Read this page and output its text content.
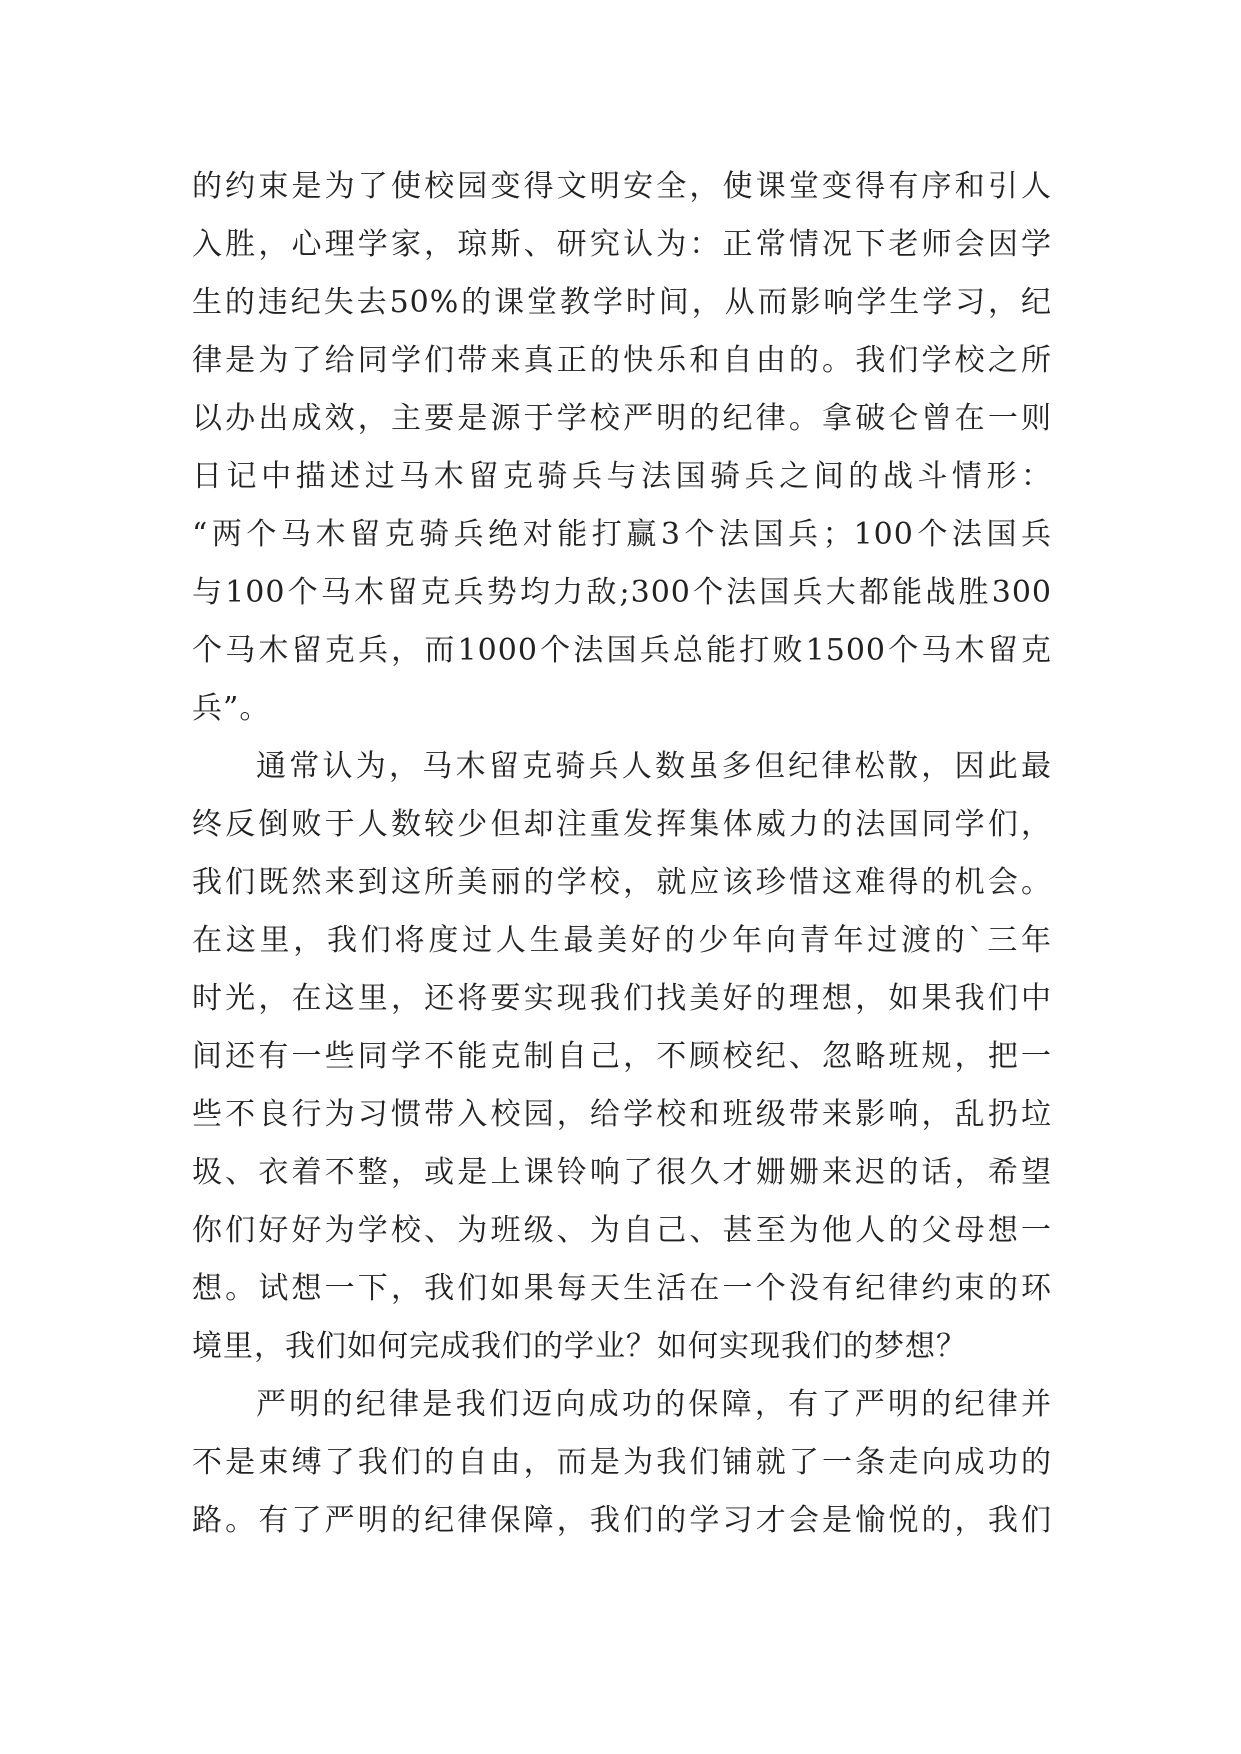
的约束是为了使校园变得文明安全，使课堂变得有序和引人
入胜，心理学家，琼斯、研究认为：正常情况下老师会因学
生的违纪失去50%的课堂教学时间，从而影响学生学习，纪
律是为了给同学们带来真正的快乐和自由的。我们学校之所
以办出成效，主要是源于学校严明的纪律。拿破仑曾在一则
日记中描述过马木留克骑兵与法国骑兵之间的战斗情形：
“两个马木留克骑兵绝对能打赢3个法国兵；100个法国兵
与100个马木留克兵势均力敌;300个法国兵大都能战胜300
个马木留克兵，而1000个法国兵总能打败1500个马木留克
兵”。
通常认为，马木留克骑兵人数虽多但纪律松散，因此最
终反倒败于人数较少但却注重发挥集体威力的法国同学们，
我们既然来到这所美丽的学校，就应该珍惜这难得的机会。
在这里，我们将度过人生最美好的少年向青年过渡的`三年
时光，在这里，还将要实现我们找美好的理想，如果我们中
间还有一些同学不能克制自己，不顾校纪、忽略班规，把一
些不良行为习惯带入校园，给学校和班级带来影响，乱扔垃
圾、衣着不整，或是上课铃响了很久才姗姗来迟的话，希望
你们好好为学校、为班级、为自己、甚至为他人的父母想一
想。试想一下，我们如果每天生活在一个没有纪律约束的环
境里，我们如何完成我们的学业？如何实现我们的梦想？
严明的纪律是我们迈向成功的保障，有了严明的纪律并
不是束缚了我们的自由，而是为我们铺就了一条走向成功的
路。有了严明的纪律保障，我们的学习才会是愉悦的，我们
